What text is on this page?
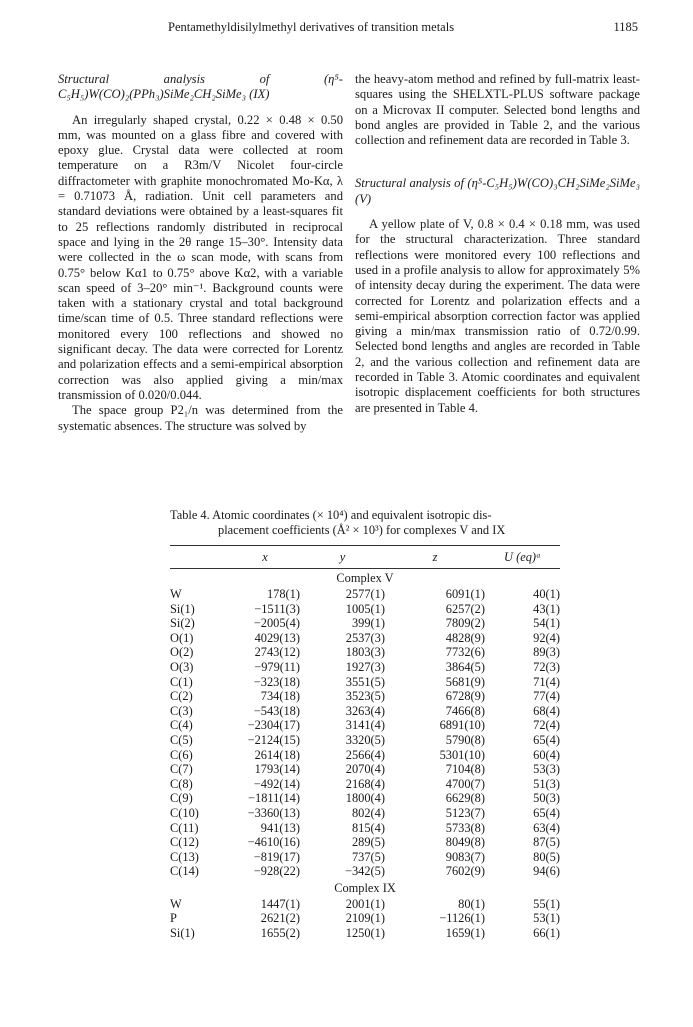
Pentamethyldisilylmethyl derivatives of transition metals	1185
Structural analysis of (η⁵-C₅H₅)W(CO)₂(PPh₃)SiMe₂CH₂SiMe₃ (IX)

An irregularly shaped crystal, 0.22 × 0.48 × 0.50 mm, was mounted on a glass fibre and covered with epoxy glue. Crystal data were collected at room temperature on a R3m/V Nicolet four-circle diffractometer with graphite monochromated Mo-Kα, λ = 0.71073 Å, radiation. Unit cell parameters and standard deviations were obtained by a least-squares fit to 25 reflections randomly distributed in reciprocal space and lying in the 2θ range 15–30°. Intensity data were collected in the ω scan mode, with scans from 0.75° below Kα1 to 0.75° above Kα2, with a variable scan speed of 3–20° min⁻¹. Background counts were taken with a stationary crystal and total background time/scan time of 0.5. Three standard reflections were monitored every 100 reflections and showed no significant decay. The data were corrected for Lorentz and polarization effects and a semi-empirical absorption correction was also applied giving a min/max transmission of 0.020/0.044.

The space group P2₁/n was determined from the systematic absences. The structure was solved by

the heavy-atom method and refined by full-matrix least-squares using the SHELXTL-PLUS software package on a Microvax II computer. Selected bond lengths and bond angles are provided in Table 2, and the various collection and refinement data are recorded in Table 3.

Structural analysis of (η⁵-C₅H₅)W(CO)₃CH₂SiMe₂SiMe₃ (V)

A yellow plate of V, 0.8 × 0.4 × 0.18 mm, was used for the structural characterization. Three standard reflections were monitored every 100 reflections and used in a profile analysis to allow for approximately 5% of intensity decay during the experiment. The data were corrected for Lorentz and polarization effects and a semi-empirical absorption correction factor was applied giving a min/max transmission ratio of 0.72/0.99. Selected bond lengths and angles are recorded in Table 2, and the various collection and refinement data are recorded in Table 3. Atomic coordinates and equivalent isotropic displacement coefficients for both structures are presented in Table 4.

Table 4. Atomic coordinates (× 10⁴) and equivalent isotropic dis-
placement coefficients (Å² × 10³) for complexes V and IX
	x	y	z	U (eq)ᵃ

Complex V				
W	178(1)	2577(1)	6091(1)	40(1)
Si(1)	−1511(3)	1005(1)	6257(2)	43(1)
Si(2)	−2005(4)	399(1)	7809(2)	54(1)
O(1)	4029(13)	2537(3)	4828(9)	92(4)
O(2)	2743(12)	1803(3)	7732(6)	89(3)
O(3)	−979(11)	1927(3)	3864(5)	72(3)
C(1)	−323(18)	3551(5)	5681(9)	71(4)
C(2)	734(18)	3523(5)	6728(9)	77(4)
C(3)	−543(18)	3263(4)	7466(8)	68(4)
C(4)	−2304(17)	3141(4)	6891(10)	72(4)
C(5)	−2124(15)	3320(5)	5790(8)	65(4)
C(6)	2614(18)	2566(4)	5301(10)	60(4)
C(7)	1793(14)	2070(4)	7104(8)	53(3)
C(8)	−492(14)	2168(4)	4700(7)	51(3)
C(9)	−1811(14)	1800(4)	6629(8)	50(3)
C(10)	−3360(13)	802(4)	5123(7)	65(4)
C(11)	941(13)	815(4)	5733(8)	63(4)
C(12)	−4610(16)	289(5)	8049(8)	87(5)
C(13)	−819(17)	737(5)	9083(7)	80(5)
C(14)	−928(22)	−342(5)	7602(9)	94(6)
Complex IX				
W	1447(1)	2001(1)	80(1)	55(1)
P	2621(2)	2109(1)	−1126(1)	53(1)
Si(1)	1655(2)	1250(1)	1659(1)	66(1)
